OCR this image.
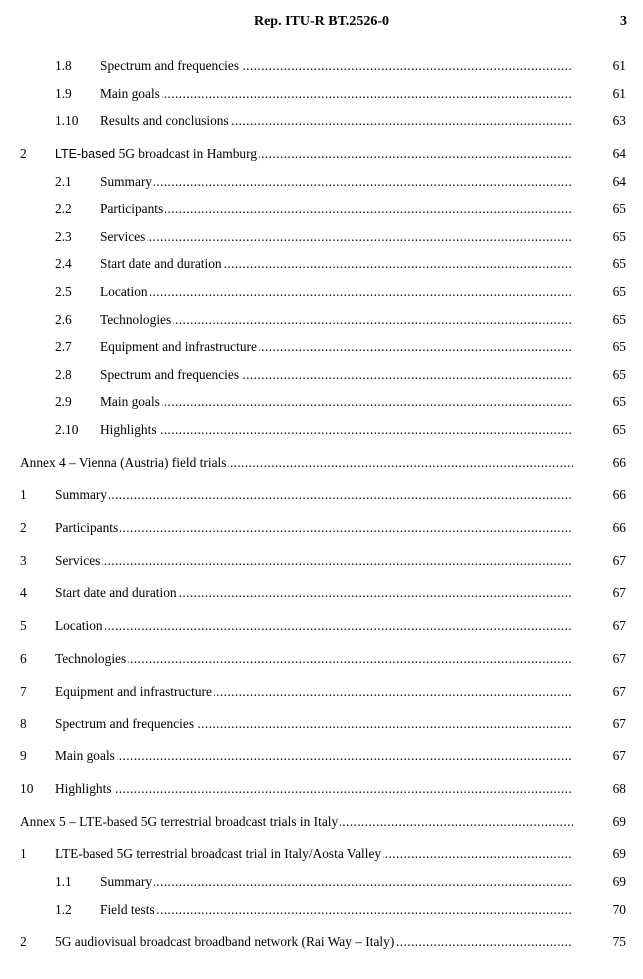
Rep. ITU-R BT.2526-0	3
1.8 Spectrum and frequencies .....	61
1.9 Main goals .....	61
1.10 Results and conclusions .....	63
2 LTE-based 5G broadcast in Hamburg .....	64
2.1 Summary .....	64
2.2 Participants .....	65
2.3 Services .....	65
2.4 Start date and duration .....	65
2.5 Location .....	65
2.6 Technologies .....	65
2.7 Equipment and infrastructure .....	65
2.8 Spectrum and frequencies .....	65
2.9 Main goals .....	65
2.10 Highlights .....	65
Annex 4 – Vienna (Austria) field trials .....	66
1 Summary .....	66
2 Participants .....	66
3 Services .....	67
4 Start date and duration .....	67
5 Location .....	67
6 Technologies .....	67
7 Equipment and infrastructure .....	67
8 Spectrum and frequencies .....	67
9 Main goals .....	67
10 Highlights .....	68
Annex 5 – LTE-based 5G terrestrial broadcast trials in Italy .....	69
1 LTE-based 5G terrestrial broadcast trial in Italy/Aosta Valley .....	69
1.1 Summary .....	69
1.2 Field tests .....	70
2 5G audiovisual broadcast broadband network (Rai Way – Italy) .....	75
